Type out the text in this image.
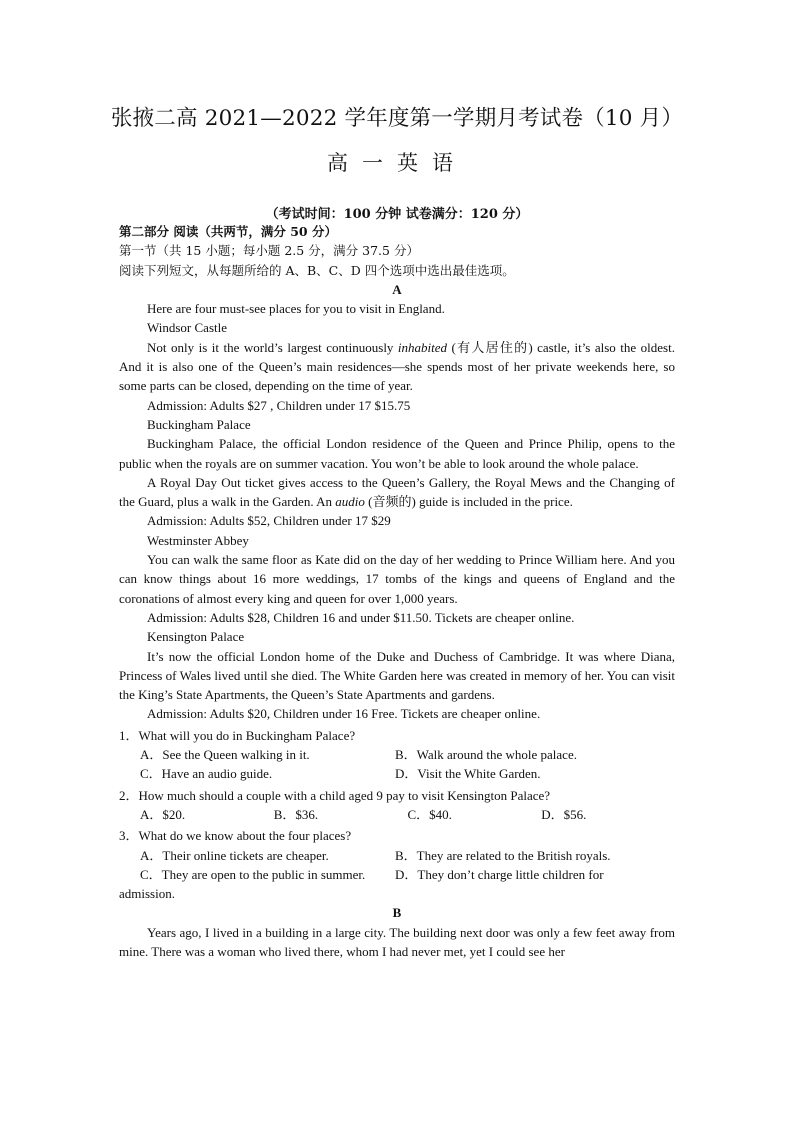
张掖二高 2021—2022 学年度第一学期月考试卷（10 月）
高一英语
（考试时间：100 分钟 试卷满分：120 分）
第二部分 阅读（共两节，满分 50 分）
第一节（共 15 小题；每小题 2.5 分，满分 37.5 分）
阅读下列短文，从每题所给的 A、B、C、D 四个选项中选出最佳选项。
A
Here are four must-see places for you to visit in England.
Windsor Castle

Not only is it the world’s largest continuously inhabited (有人居住的) castle, it’s also the oldest. And it is also one of the Queen’s main residences—she spends most of her private weekends here, so some parts can be closed, depending on the time of year.

Admission: Adults $27 , Children under 17 $15.75
Buckingham Palace

Buckingham Palace, the official London residence of the Queen and Prince Philip, opens to the public when the royals are on summer vacation. You won’t be able to look around the whole palace.

A Royal Day Out ticket gives access to the Queen’s Gallery, the Royal Mews and the Changing of the Guard, plus a walk in the Garden. An audio (音频的) guide is included in the price.

Admission: Adults $52, Children under 17 $29
Westminster Abbey

You can walk the same floor as Kate did on the day of her wedding to Prince William here. And you can know things about 16 more weddings, 17 tombs of the kings and queens of England and the coronations of almost every king and queen for over 1,000 years.

Admission: Adults $28, Children 16 and under $11.50. Tickets are cheaper online.
Kensington Palace

It’s now the official London home of the Duke and Duchess of Cambridge. It was where Diana, Princess of Wales lived until she died. The White Garden here was created in memory of her. You can visit the King’s State Apartments, the Queen’s State Apartments and gardens.

Admission: Adults $20, Children under 16 Free. Tickets are cheaper online.
1．What will you do in Buckingham Palace?
A．See the Queen walking in it.	B．Walk around the whole palace.
C．Have an audio guide.	D．Visit the White Garden.
2．How much should a couple with a child aged 9 pay to visit Kensington Palace?
A．$20.	B．$36.	C．$40.	D．$56.
3．What do we know about the four places?
A．Their online tickets are cheaper.	B．They are related to the British royals.
C．They are open to the public in summer.	D．They don’t charge little children for
admission.
B

Years ago, I lived in a building in a large city. The building next door was only a few feet away from mine. There was a woman who lived there, whom I had never met, yet I could see her
